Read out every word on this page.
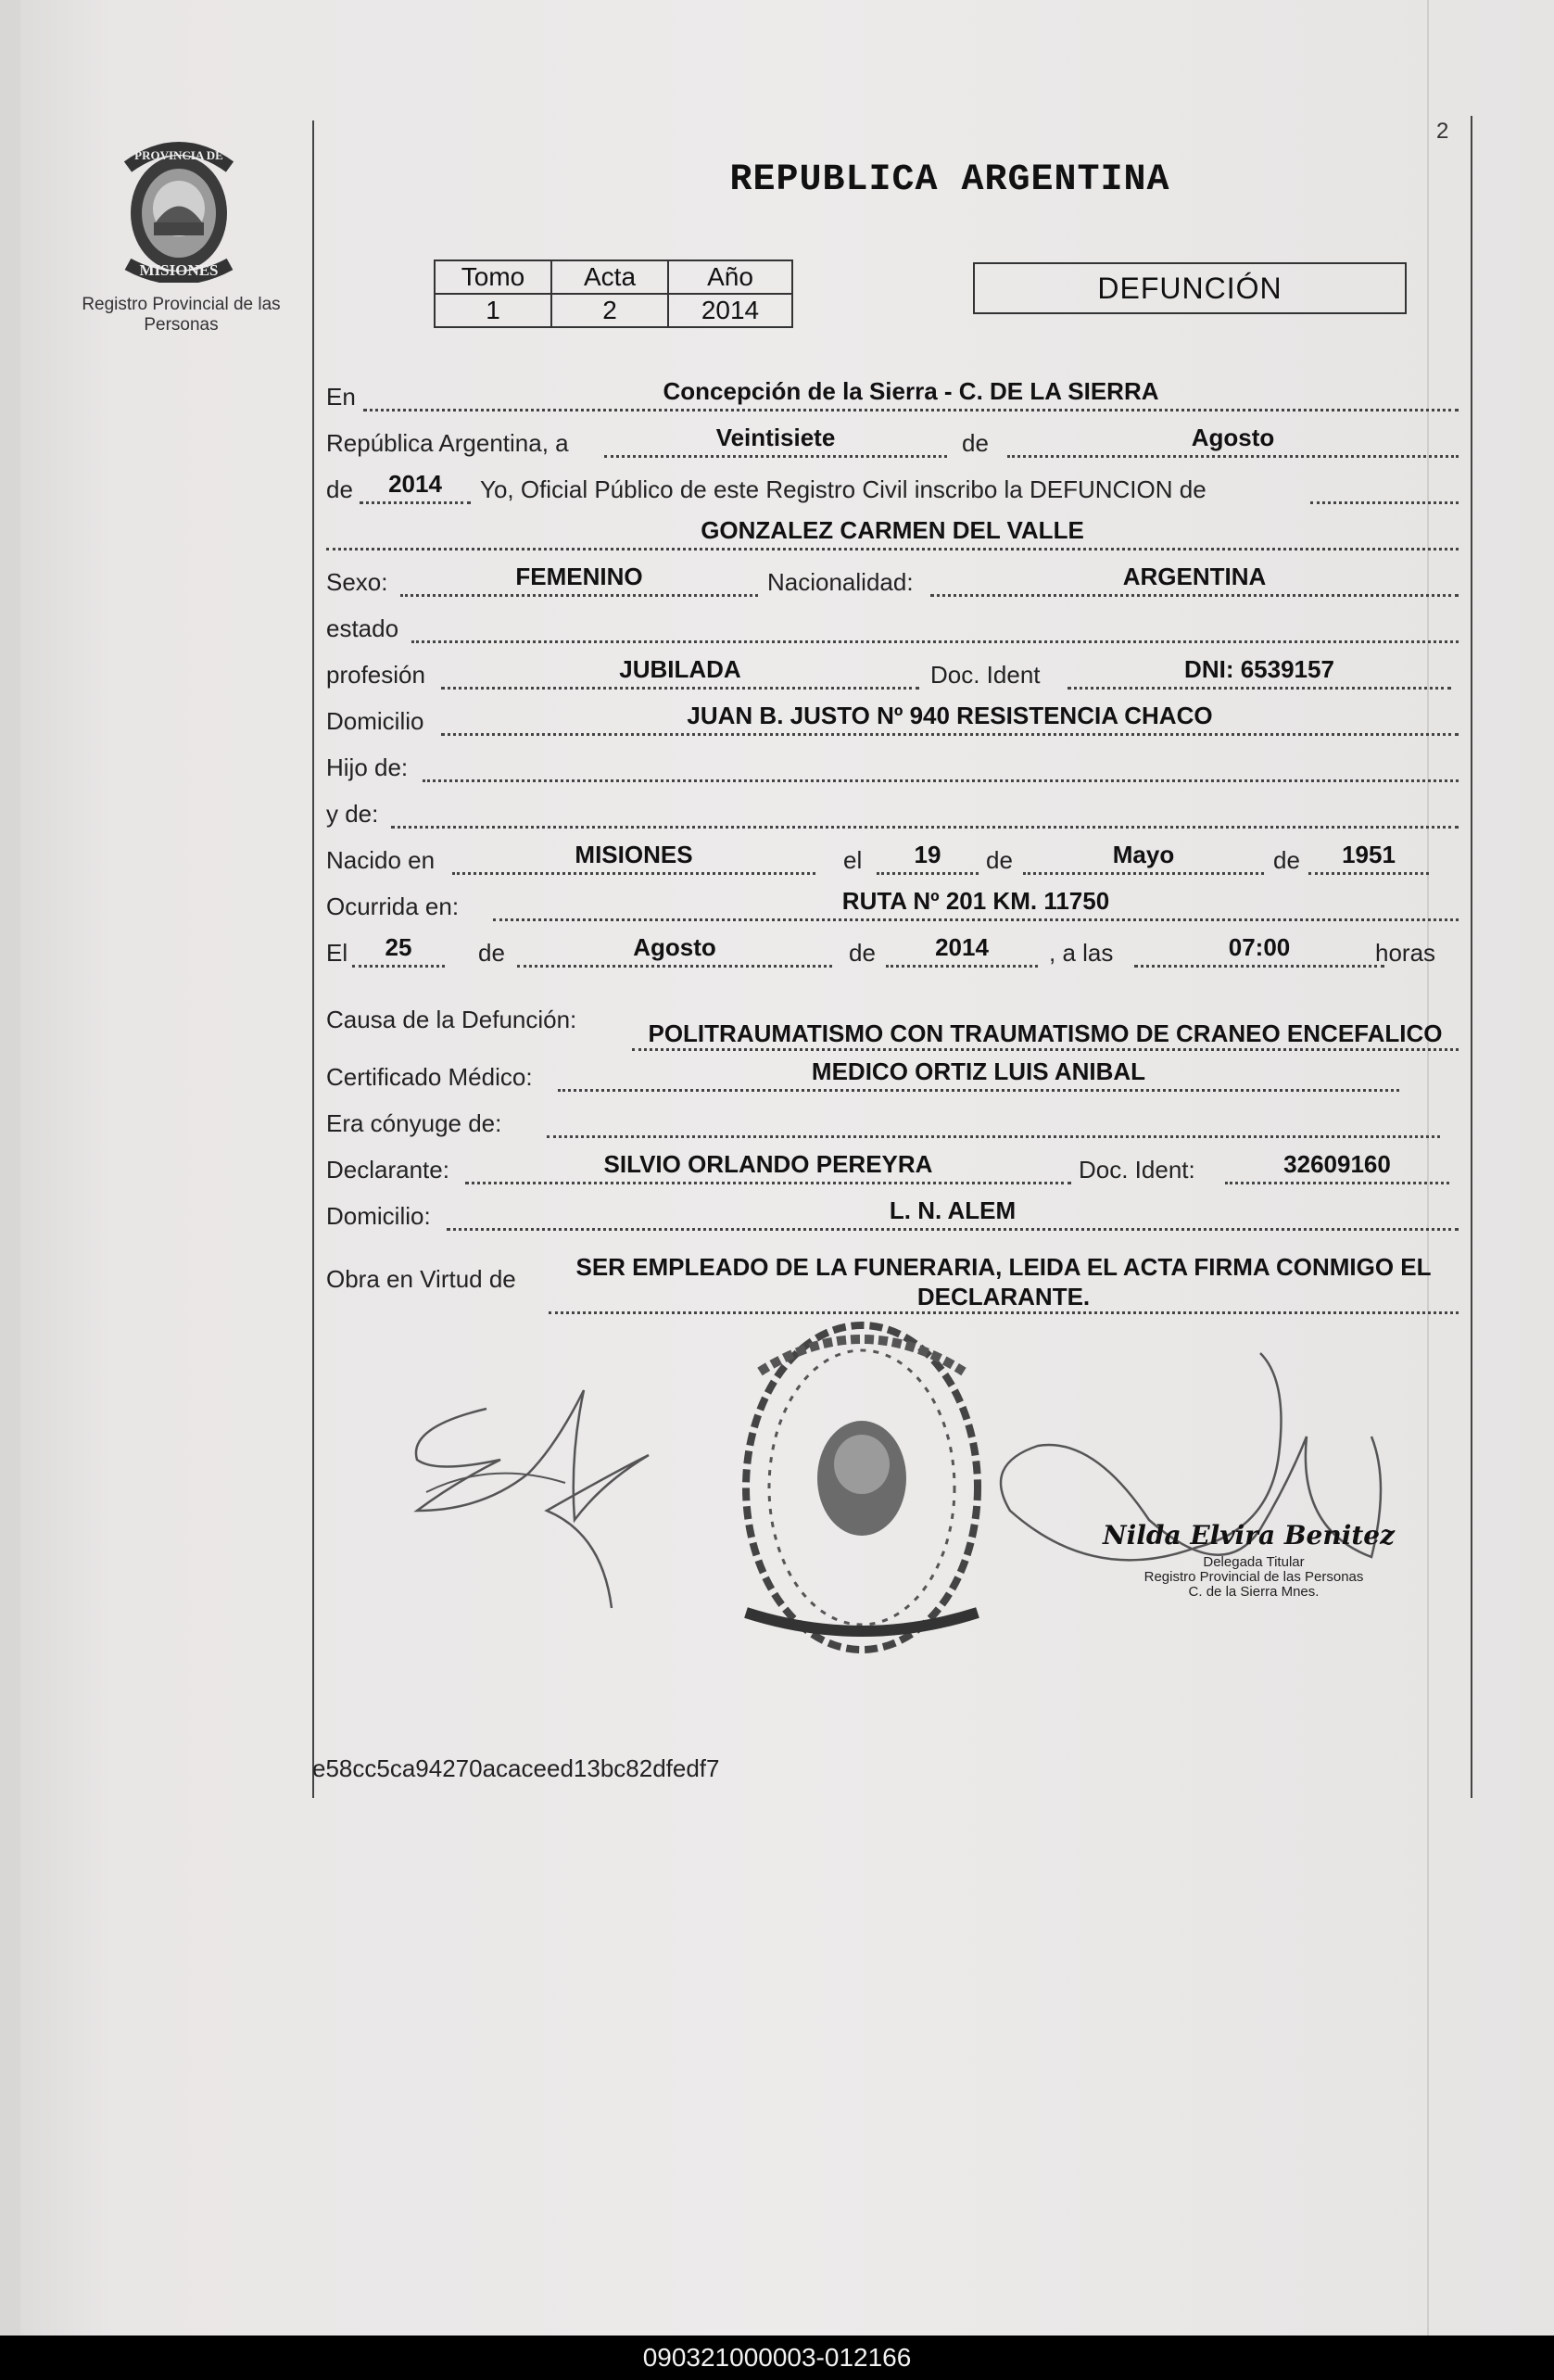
PROVINCIA DE
MISIONES
Registro Provincial de las Personas
2
REPUBLICA ARGENTINA
Tomo	Acta	Año
1	2	2014
DEFUNCIÓN
En	Concepción de la Sierra - C. DE LA SIERRA
República Argentina, a	Veintisiete	de	Agosto
de	2014	Yo, Oficial Público de este Registro Civil inscribo la DEFUNCION de
GONZALEZ CARMEN DEL VALLE
Sexo:	FEMENINO	Nacionalidad:	ARGENTINA
estado
profesión	JUBILADA	Doc. Ident	DNI: 6539157
Domicilio	JUAN B. JUSTO Nº 940 RESISTENCIA CHACO
Hijo de:
y de:
Nacido en	MISIONES	el	19	de	Mayo	de	1951
Ocurrida en:	RUTA Nº 201 KM. 11750
El	25	de	Agosto	de	2014	, a las	07:00	horas
Causa de la Defunción:	POLITRAUMATISMO CON TRAUMATISMO DE CRANEO ENCEFALICO
Certificado Médico:	MEDICO ORTIZ LUIS ANIBAL
Era cónyuge de:
Declarante:	SILVIO ORLANDO PEREYRA	Doc. Ident:	32609160
Domicilio:	L. N. ALEM
Obra en Virtud de	SER EMPLEADO DE LA FUNERARIA, LEIDA EL ACTA FIRMA CONMIGO EL DECLARANTE.
Nilda Elvira Benitez
Delegada Titular
Registro Provincial de las Personas
C. de la Sierra Mnes.
e58cc5ca94270acaceed13bc82dfedf7
090321000003-012166
